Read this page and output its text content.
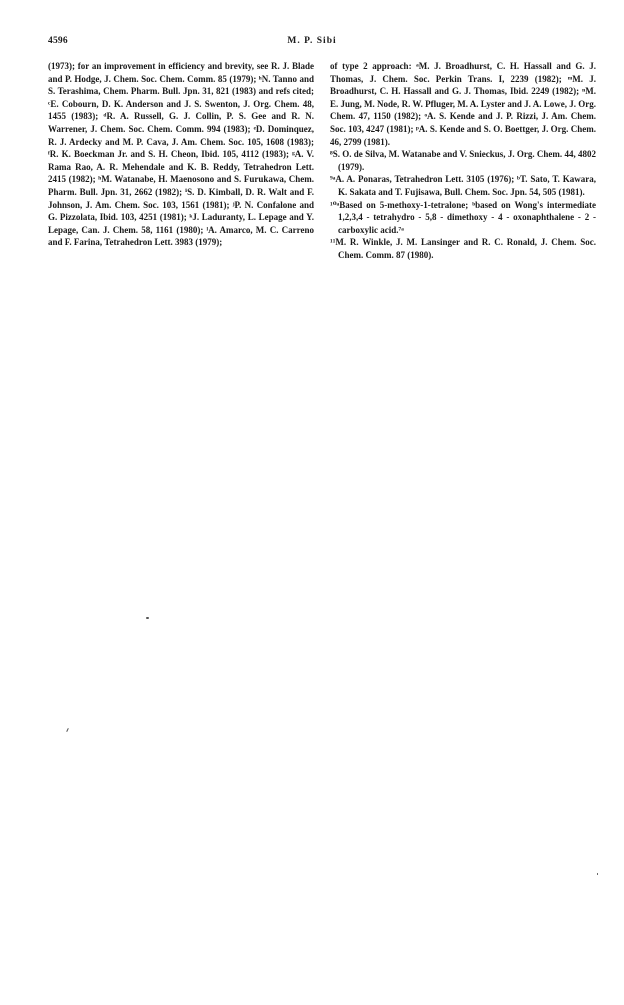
4596	M. P. Sibi

(1973); for an improvement in efficiency and brevity, see R. J. Blade and P. Hodge, J. Chem. Soc. Chem. Comm. 85 (1979); ʰN. Tanno and S. Terashima, Chem. Pharm. Bull. Jpn. 31, 821 (1983) and refs cited; ᶜE. Cobourn, D. K. Anderson and J. S. Swenton, J. Org. Chem. 48, 1455 (1983); ᵈR. A. Russell, G. J. Collin, P. S. Gee and R. N. Warrener, J. Chem. Soc. Chem. Comm. 994 (1983); ᵉD. Dominquez, R. J. Ardecky and M. P. Cava, J. Am. Chem. Soc. 105, 1608 (1983); ᶠR. K. Boeckman Jr. and S. H. Cheon, Ibid. 105, 4112 (1983); ᵍA. V. Rama Rao, A. R. Mehendale and K. B. Reddy, Tetrahedron Lett. 2415 (1982); ʰM. Watanabe, H. Maenosono and S. Furukawa, Chem. Pharm. Bull. Jpn. 31, 2662 (1982); ⁱS. D. Kimball, D. R. Walt and F. Johnson, J. Am. Chem. Soc. 103, 1561 (1981); ʲP. N. Confalone and G. Pizzolata, Ibid. 103, 4251 (1981); ᵏJ. Laduranty, L. Lepage and Y. Lepage, Can. J. Chem. 58, 1161 (1980); ˡA. Amarco, M. C. Carreno and F. Farina, Tetrahedron Lett. 3983 (1979);

of type 2 approach: ᵃM. J. Broadhurst, C. H. Hassall and G. J. Thomas, J. Chem. Soc. Perkin Trans. I, 2239 (1982); ᵐM. J. Broadhurst, C. H. Hassall and G. J. Thomas, Ibid. 2249 (1982); ⁿM. E. Jung, M. Node, R. W. Pfluger, M. A. Lyster and J. A. Lowe, J. Org. Chem. 47, 1150 (1982); ᵒA. S. Kende and J. P. Rizzi, J. Am. Chem. Soc. 103, 4247 (1981); ᵖA. S. Kende and S. O. Boettger, J. Org. Chem. 46, 2799 (1981).

⁸S. O. de Silva, M. Watanabe and V. Snieckus, J. Org. Chem. 44, 4802 (1979).

⁹ᵃA. A. Ponaras, Tetrahedron Lett. 3105 (1976); ᵇT. Sato, T. Kawara, K. Sakata and T. Fujisawa, Bull. Chem. Soc. Jpn. 54, 505 (1981).

¹⁰ᵃBased on 5-methoxy-1-tetralone; ᵇbased on Wong's intermediate 1,2,3,4 - tetrahydro - 5,8 - dimethoxy - 4 - oxonaphthalene - 2 - carboxylic acid.⁷ᵃ

¹¹M. R. Winkle, J. M. Lansinger and R. C. Ronald, J. Chem. Soc. Chem. Comm. 87 (1980).
